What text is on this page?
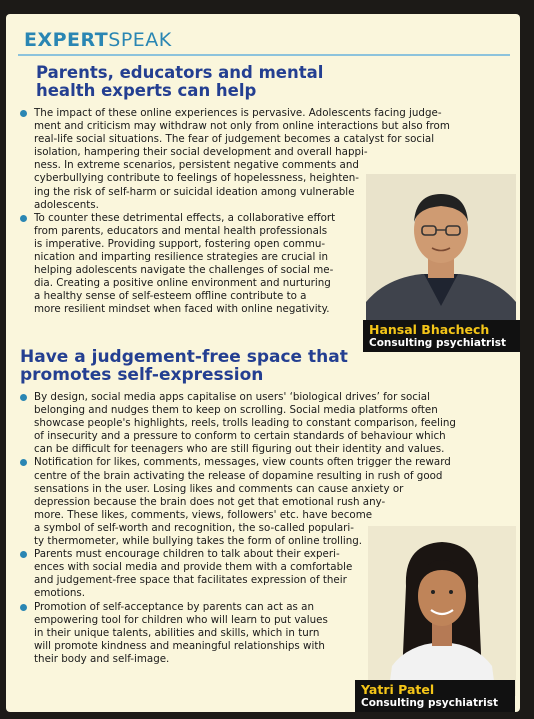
EXPERTSPEAK
Parents, educators and mental
health experts can help
The impact of these online experiences is pervasive. Adolescents facing judge-
ment and criticism may withdraw not only from online interactions but also from
real-life social situations. The fear of judgement becomes a catalyst for social
isolation, hampering their social development and overall happi-
ness. In extreme scenarios, persistent negative comments and
cyberbullying contribute to feelings of hopelessness, heighten-
ing the risk of self-harm or suicidal ideation among vulnerable
adolescents.
To counter these detrimental effects, a collaborative effort
from parents, educators and mental health professionals
is imperative. Providing support, fostering open commu-
nication and imparting resilience strategies are crucial in
helping adolescents navigate the challenges of social me-
dia. Creating a positive online environment and nurturing
a healthy sense of self-esteem offline contribute to a
more resilient mindset when faced with online negativity.
Hansal Bhachech
Consulting psychiatrist
Have a judgement-free space that
promotes self-expression
By design, social media apps capitalise on users' ‘biological drives’ for social
belonging and nudges them to keep on scrolling. Social media platforms often
showcase people's highlights, reels, trolls leading to constant comparison, feeling
of insecurity and a pressure to conform to certain standards of behaviour which
can be difficult for teenagers who are still figuring out their identity and values.
Notification for likes, comments, messages, view counts often trigger the reward
centre of the brain activating the release of dopamine resulting in rush of good
sensations in the user. Losing likes and comments can cause anxiety or
depression because the brain does not get that emotional rush any-
more. These likes, comments, views, followers' etc. have become
a symbol of self-worth and recognition, the so-called populari-
ty thermometer, while bullying takes the form of online trolling.
Parents must encourage children to talk about their experi-
ences with social media and provide them with a comfortable
and judgement-free space that facilitates expression of their
emotions.
Promotion of self-acceptance by parents can act as an
empowering tool for children who will learn to put values
in their unique talents, abilities and skills, which in turn
will promote kindness and meaningful relationships with
their body and self-image.
Yatri Patel
Consulting psychiatrist
